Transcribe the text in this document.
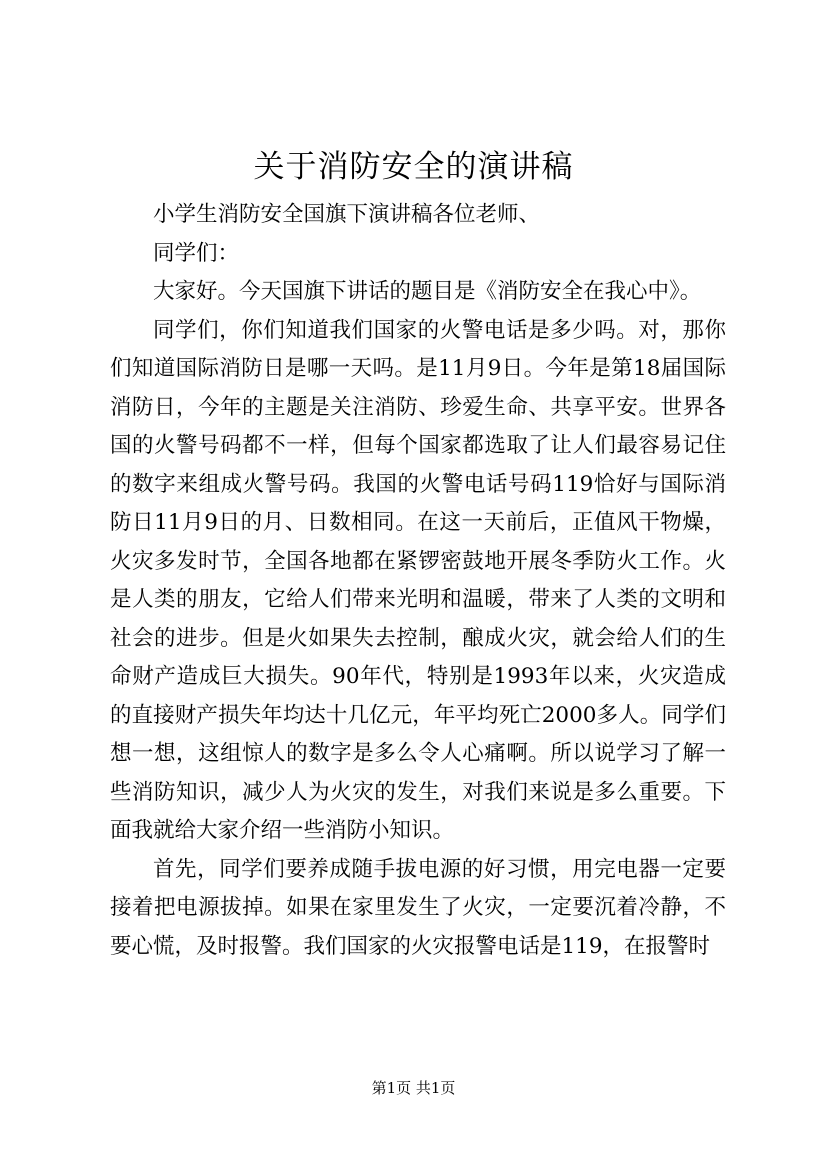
关于消防安全的演讲稿

小学生消防安全国旗下演讲稿各位老师、

同学们：

大家好。今天国旗下讲话的题目是《消防安全在我心中》。

同学们，你们知道我们国家的火警电话是多少吗。对，那你们知道国际消防日是哪一天吗。是11月9日。今年是第18届国际消防日，今年的主题是关注消防、珍爱生命、共享平安。世界各国的火警号码都不一样，但每个国家都选取了让人们最容易记住的数字来组成火警号码。我国的火警电话号码119恰好与国际消防日11月9日的月、日数相同。在这一天前后，正值风干物燥，火灾多发时节，全国各地都在紧锣密鼓地开展冬季防火工作。火是人类的朋友，它给人们带来光明和温暖，带来了人类的文明和社会的进步。但是火如果失去控制，酿成火灾，就会给人们的生命财产造成巨大损失。90年代，特别是1993年以来，火灾造成的直接财产损失年均达十几亿元，年平均死亡2000多人。同学们想一想，这组惊人的数字是多么令人心痛啊。所以说学习了解一些消防知识，减少人为火灾的发生，对我们来说是多么重要。下面我就给大家介绍一些消防小知识。

首先，同学们要养成随手拔电源的好习惯，用完电器一定要接着把电源拔掉。如果在家里发生了火灾，一定要沉着冷静，不要心慌，及时报警。我们国家的火灾报警电话是119，在报警时

第1页 共1页
